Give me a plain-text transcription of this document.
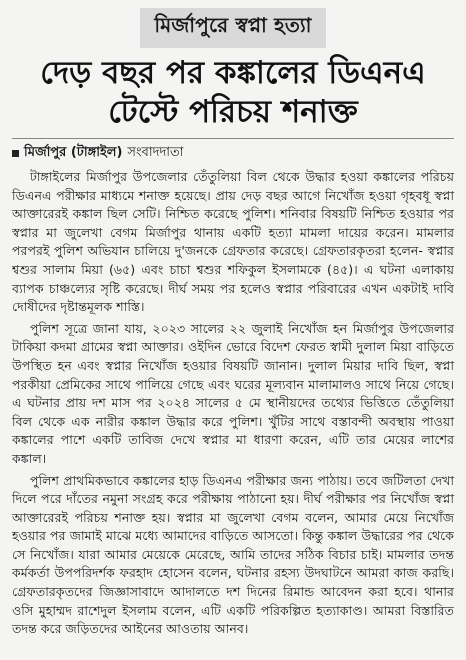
মির্জাপুরে স্বপ্না হত্যা
দেড় বছর পর কঙ্কালের ডিএনএ
টেস্টে পরিচয় শনাক্ত
মির্জাপুর (টাঙ্গাইল) সংবাদদাতা

টাঙ্গাইলের মির্জাপুর উপজেলার তেঁতুলিয়া বিল থেকে উদ্ধার হওয়া কঙ্কালের পরিচয় ডিএনএ পরীক্ষার মাধ্যমে শনাক্ত হয়েছে। প্রায় দেড় বছর আগে নিখোঁজ হওয়া গৃহবধূ স্বপ্না আক্তারেরই কঙ্কাল ছিল সেটি। নিশ্চিত করেছে পুলিশ। শনিবার বিষয়টি নিশ্চিত হওয়ার পর স্বপ্নার মা জুলেখা বেগম মির্জাপুর থানায় একটি হত্যা মামলা দায়ের করেন। মামলার পরপরই পুলিশ অভিযান চালিয়ে দু'জনকে গ্রেফতার করেছে। গ্রেফতারকৃতরা হলেন- স্বপ্নার শ্বশুর সালাম মিয়া (৬৫) এবং চাচা শ্বশুর শফিকুল ইসলামকে (৪৫)। এ ঘটনা এলাকায় ব্যাপক চাঞ্চল্যের সৃষ্টি করেছে। দীর্ঘ সময় পর হলেও স্বপ্নার পরিবারের এখন একটাই দাবি দোষীদের দৃষ্টান্তমূলক শাস্তি।

পুলিশ সূত্রে জানা যায়, ২০২৩ সালের ২২ জুলাই নিখোঁজ হন মির্জাপুর উপজেলার টাকিয়া কদমা গ্রামের স্বপ্না আক্তার। ওইদিন ভোরে বিদেশ ফেরত স্বামী দুলাল মিয়া বাড়িতে উপস্থিত হন এবং স্বপ্নার নিখোঁজ হওয়ার বিষয়টি জানান। দুলাল মিয়ার দাবি ছিল, স্বপ্না পরকীয়া প্রেমিকের সাথে পালিয়ে গেছে এবং ঘরের মূল্যবান মালামালও সাথে নিয়ে গেছে। এ ঘটনার প্রায় দশ মাস পর ২০২৪ সালের ৫ মে স্থানীয়দের তথ্যের ভিত্তিতে তেঁতুলিয়া বিল থেকে এক নারীর কঙ্কাল উদ্ধার করে পুলিশ। খুঁটির সাথে বস্তাবন্দী অবস্থায় পাওয়া কঙ্কালের পাশে একটি তাবিজ দেখে স্বপ্নার মা ধারণা করেন, এটি তার মেয়ের লাশের কঙ্কাল।

পুলিশ প্রাথমিকভাবে কঙ্কালের হাড় ডিএনএ পরীক্ষার জন্য পাঠায়। তবে জটিলতা দেখা দিলে পরে দাঁতের নমুনা সংগ্রহ করে পরীক্ষায় পাঠানো হয়। দীর্ঘ পরীক্ষার পর নিখোঁজ স্বপ্না আক্তারেরই পরিচয় শনাক্ত হয়। স্বপ্নার মা জুলেখা বেগম বলেন, আমার মেয়ে নিখোঁজ হওয়ার পর জামাই মাঝে মধ্যে আমাদের বাড়িতে আসতো। কিন্তু কঙ্কাল উদ্ধারের পর থেকে সে নিখোঁজ। যারা আমার মেয়েকে মেরেছে, আমি তাদের সঠিক বিচার চাই। মামলার তদন্ত কর্মকর্তা উপপরিদর্শক ফরহাদ হোসেন বলেন, ঘটনার রহস্য উদঘাটনে আমরা কাজ করছি। গ্রেফতারকৃতদের জিজ্ঞাসাবাদে আদালতে দশ দিনের রিমান্ড আবেদন করা হবে। থানার ওসি মুহাম্মদ রাশেদুল ইসলাম বলেন, এটি একটি পরিকল্পিত হত্যাকাণ্ড। আমরা বিস্তারিত তদন্ত করে জড়িতদের আইনের আওতায় আনব।
